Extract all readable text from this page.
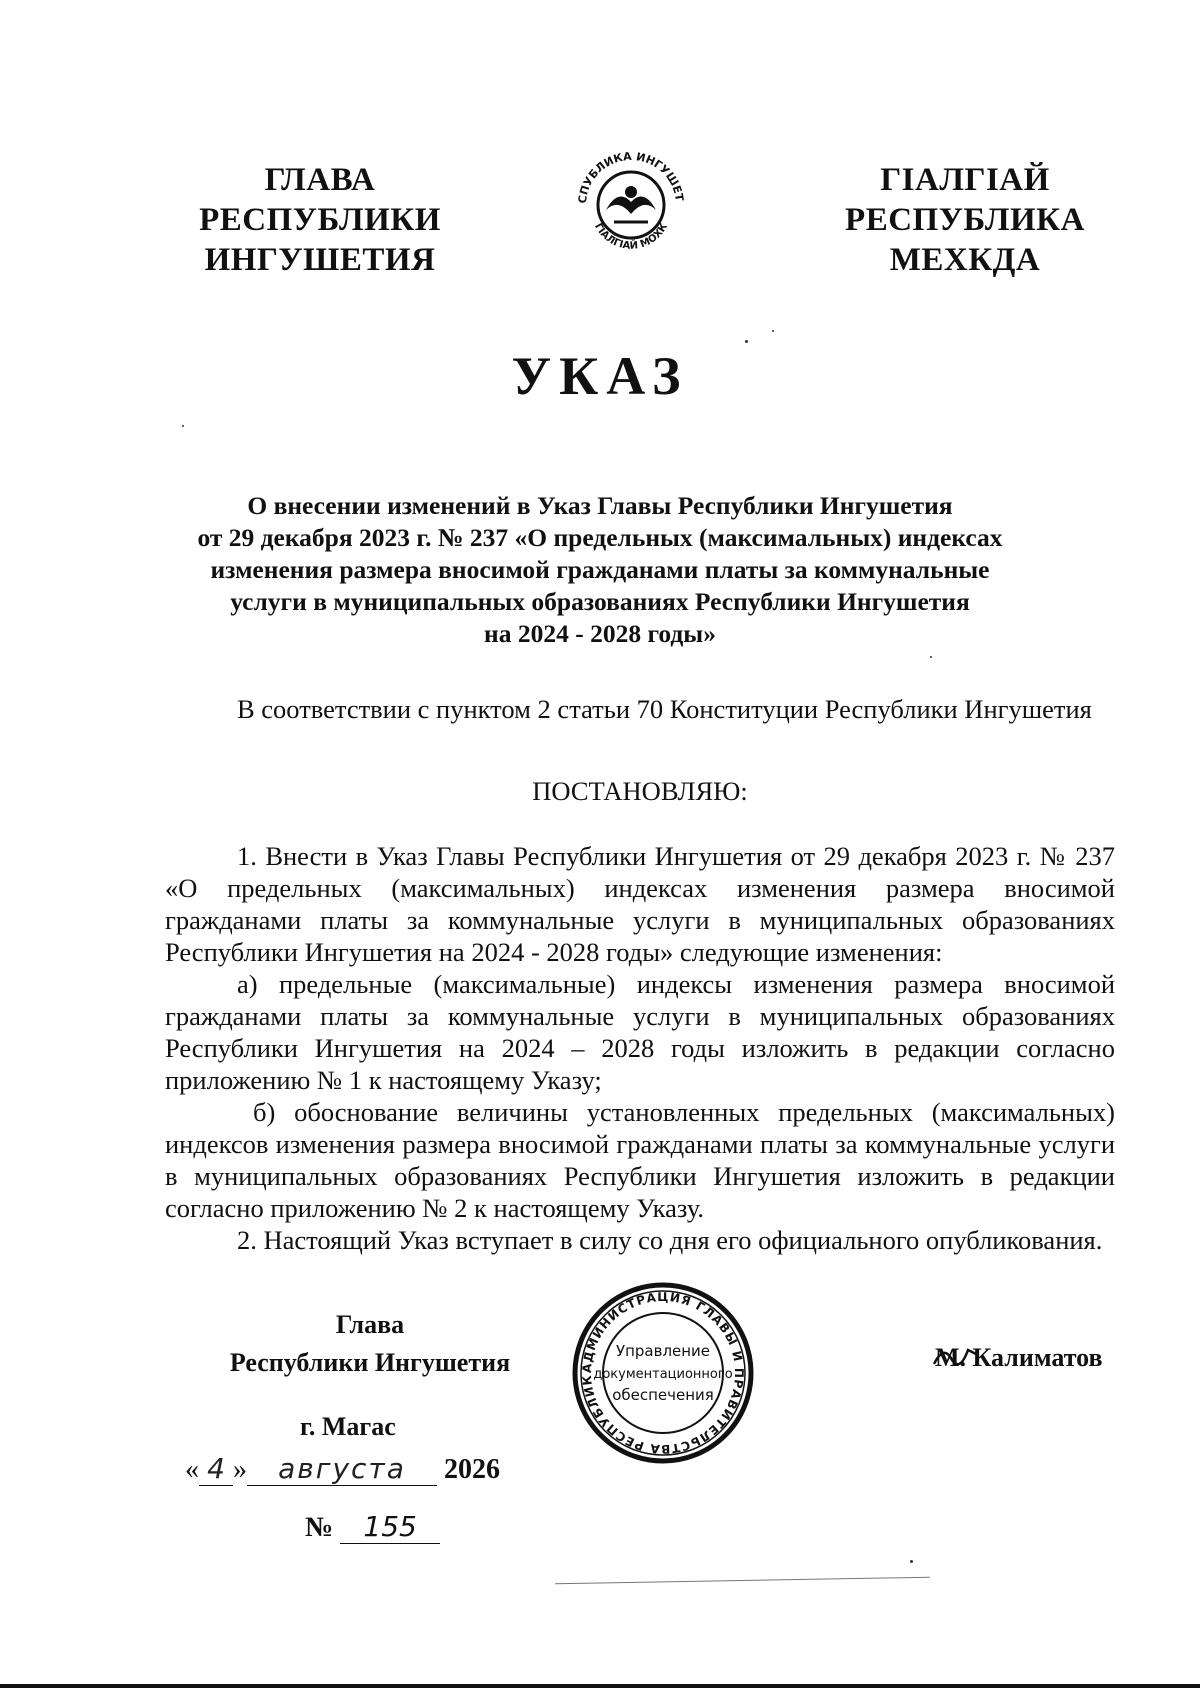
ГЛАВА
РЕСПУБЛИКИ
ИНГУШЕТИЯ
СПУБЛИКА ИНГУШЕТ
ГIАЛГIАЙ МОХК
ГIАЛГIАЙ
РЕСПУБЛИКА
МЕХКДА
УКАЗ
О внесении изменений в Указ Главы Республики Ингушетия
от 29 декабря 2023 г. № 237 «О предельных (максимальных) индексах
изменения размера вносимой гражданами платы за коммунальные
услуги в муниципальных образованиях Республики Ингушетия
на 2024 - 2028 годы»
В соответствии с пунктом 2 статьи 70 Конституции Республики Ингушетия
ПОСТАНОВЛЯЮ:
1. Внести в Указ Главы Республики Ингушетия от 29 декабря 2023 г. № 237 «О предельных (максимальных) индексах изменения размера вносимой гражданами платы за коммунальные услуги в муниципальных образованиях Республики Ингушетия на 2024 - 2028 годы» следующие изменения:
а) предельные (максимальные) индексы изменения размера вносимой гражданами платы за коммунальные услуги в муниципальных образованиях Республики Ингушетия на 2024 – 2028 годы изложить в редакции согласно приложению № 1 к настоящему Указу;
б) обоснование величины установленных предельных (максимальных) индексов изменения размера вносимой гражданами платы за коммунальные услуги в муниципальных образованиях Республики Ингушетия изложить в редакции согласно приложению № 2 к настоящему Указу.
2. Настоящий Указ вступает в силу со дня его официального опубликования.
Глава
Республики Ингушетия	АДМИНИСТРАЦИЯ ГЛАВЫ И ПРАВИТЕЛЬСТВА РЕСПУБЛИК
Управление
документационного
обеспечения
М. Калиматов
г. Магас
« 4 » августа 2026
№ 155
